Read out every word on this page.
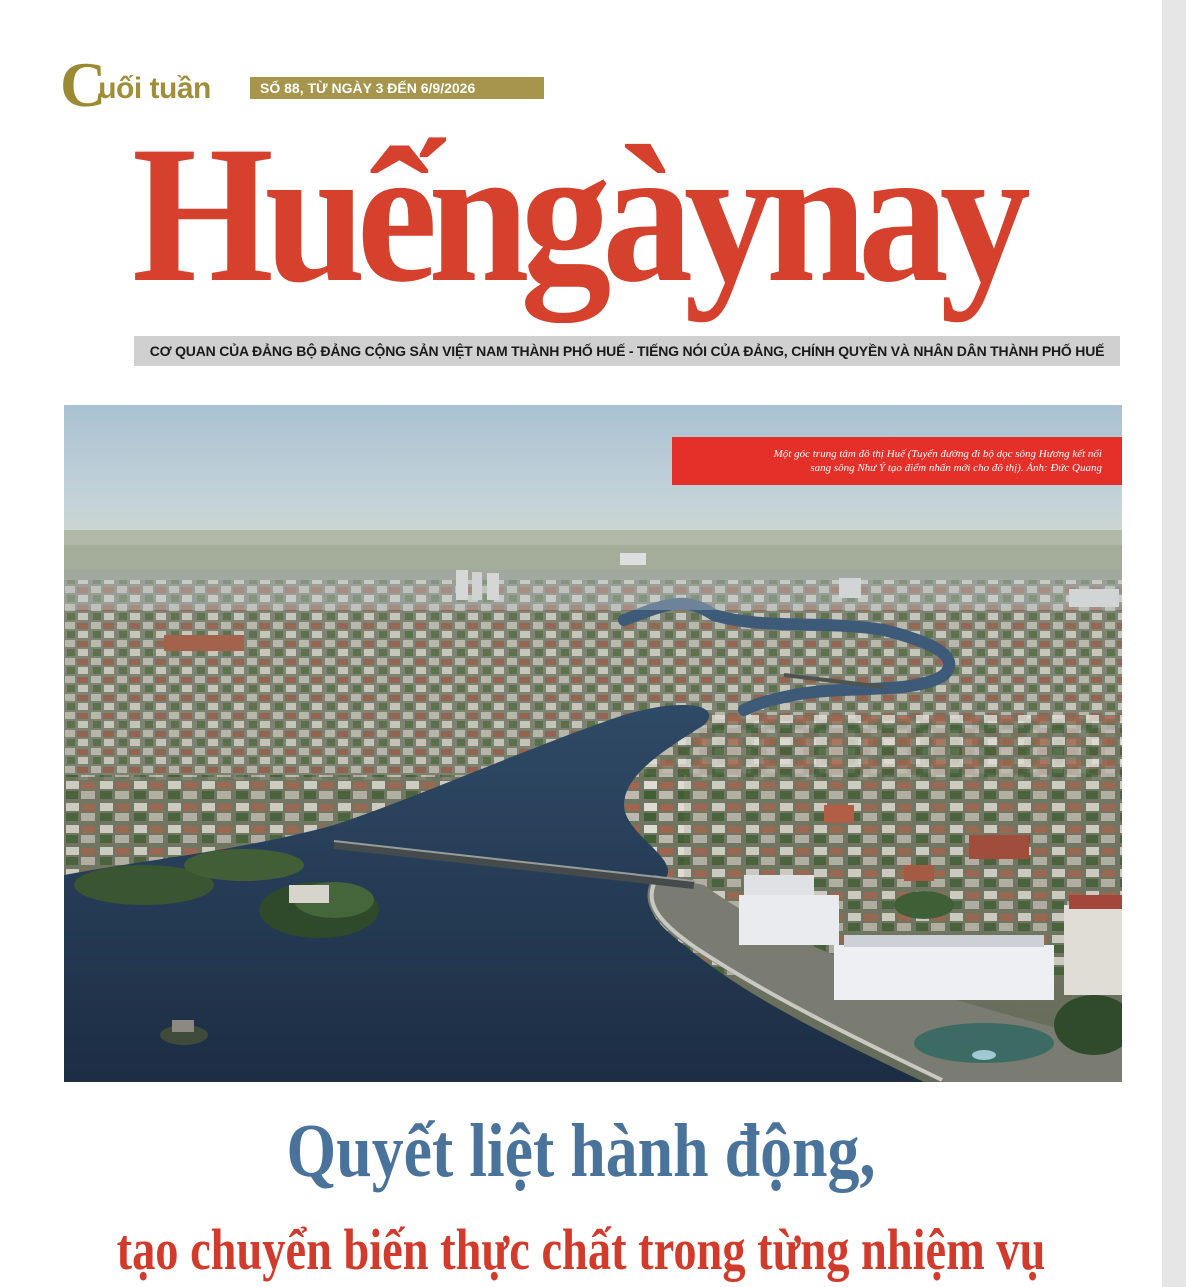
C
uối tuần	SỐ 88, TỪ NGÀY 3 ĐẾN 6/9/2026
Huếngàynay
CƠ QUAN CỦA ĐẢNG BỘ ĐẢNG CỘNG SẢN VIỆT NAM THÀNH PHỐ HUẾ - TIẾNG NÓI CỦA ĐẢNG, CHÍNH QUYỀN VÀ NHÂN DÂN THÀNH PHỐ HUẾ
Một góc trung tâm đô thị Huế (Tuyến đường đi bộ dọc sông Hương kết nối
sang sông Như Ý tạo điểm nhấn mới cho đô thị). Ảnh: Đức Quang
Quyết liệt hành động,
tạo chuyển biến thực chất trong từng nhiệm vụ
